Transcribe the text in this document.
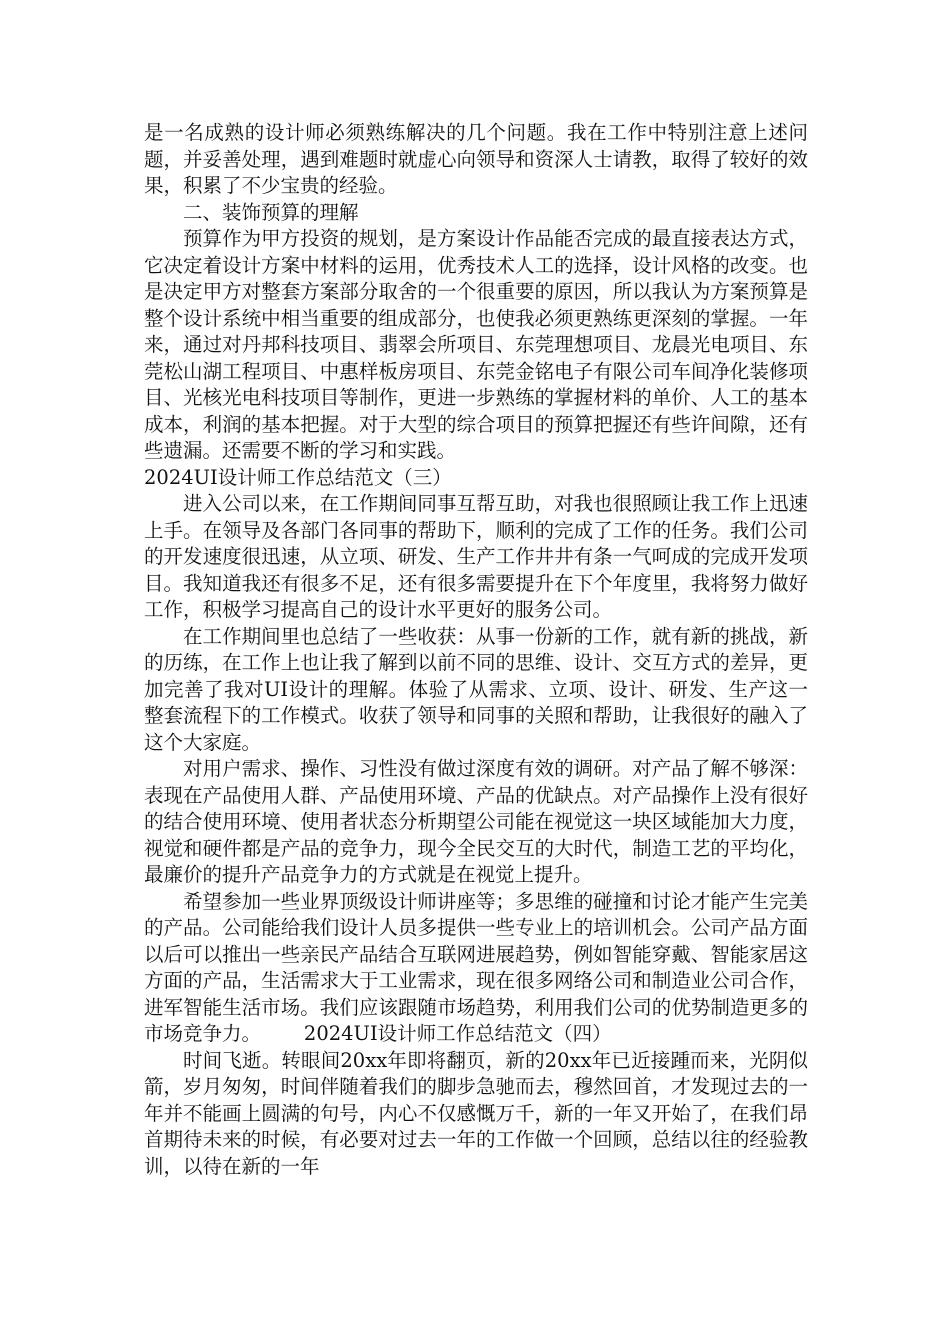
是一名成熟的设计师必须熟练解决的几个问题。我在工作中特别注意上述问题，并妥善处理，遇到难题时就虚心向领导和资深人士请教，取得了较好的效果，积累了不少宝贵的经验。

二、装饰预算的理解

预算作为甲方投资的规划，是方案设计作品能否完成的最直接表达方式，它决定着设计方案中材料的运用，优秀技术人工的选择，设计风格的改变。也是决定甲方对整套方案部分取舍的一个很重要的原因，所以我认为方案预算是整个设计系统中相当重要的组成部分，也使我必须更熟练更深刻的掌握。一年来，通过对丹邦科技项目、翡翠会所项目、东莞理想项目、龙晨光电项目、东莞松山湖工程项目、中惠样板房项目、东莞金铭电子有限公司车间净化装修项目、光核光电科技项目等制作，更进一步熟练的掌握材料的单价、人工的基本成本，利润的基本把握。对于大型的综合项目的预算把握还有些许间隙，还有些遗漏。还需要不断的学习和实践。
2024UI设计师工作总结范文（三）

进入公司以来，在工作期间同事互帮互助，对我也很照顾让我工作上迅速上手。在领导及各部门各同事的帮助下，顺利的完成了工作的任务。我们公司的开发速度很迅速，从立项、研发、生产工作井井有条一气呵成的完成开发项目。我知道我还有很多不足，还有很多需要提升在下个年度里，我将努力做好工作，积极学习提高自己的设计水平更好的服务公司。

在工作期间里也总结了一些收获：从事一份新的工作，就有新的挑战，新的历练，在工作上也让我了解到以前不同的思维、设计、交互方式的差异，更加完善了我对UI设计的理解。体验了从需求、立项、设计、研发、生产这一整套流程下的工作模式。收获了领导和同事的关照和帮助，让我很好的融入了这个大家庭。

对用户需求、操作、习性没有做过深度有效的调研。对产品了解不够深：表现在产品使用人群、产品使用环境、产品的优缺点。对产品操作上没有很好的结合使用环境、使用者状态分析期望公司能在视觉这一块区域能加大力度，视觉和硬件都是产品的竞争力，现今全民交互的大时代，制造工艺的平均化，最廉价的提升产品竞争力的方式就是在视觉上提升。

希望参加一些业界顶级设计师讲座等；多思维的碰撞和讨论才能产生完美的产品。公司能给我们设计人员多提供一些专业上的培训机会。公司产品方面以后可以推出一些亲民产品结合互联网进展趋势，例如智能穿戴、智能家居这方面的产品，生活需求大于工业需求，现在很多网络公司和制造业公司合作，进军智能生活市场。我们应该跟随市场趋势，利用我们公司的优势制造更多的市场竞争力。 2024UI设计师工作总结范文（四）

时间飞逝。转眼间20xx年即将翻页，新的20xx年已近接踵而来，光阴似箭，岁月匆匆，时间伴随着我们的脚步急驰而去，穆然回首，才发现过去的一年并不能画上圆满的句号，内心不仅感慨万千，新的一年又开始了，在我们昂首期待未来的时候，有必要对过去一年的工作做一个回顾，总结以往的经验教训，以待在新的一年
